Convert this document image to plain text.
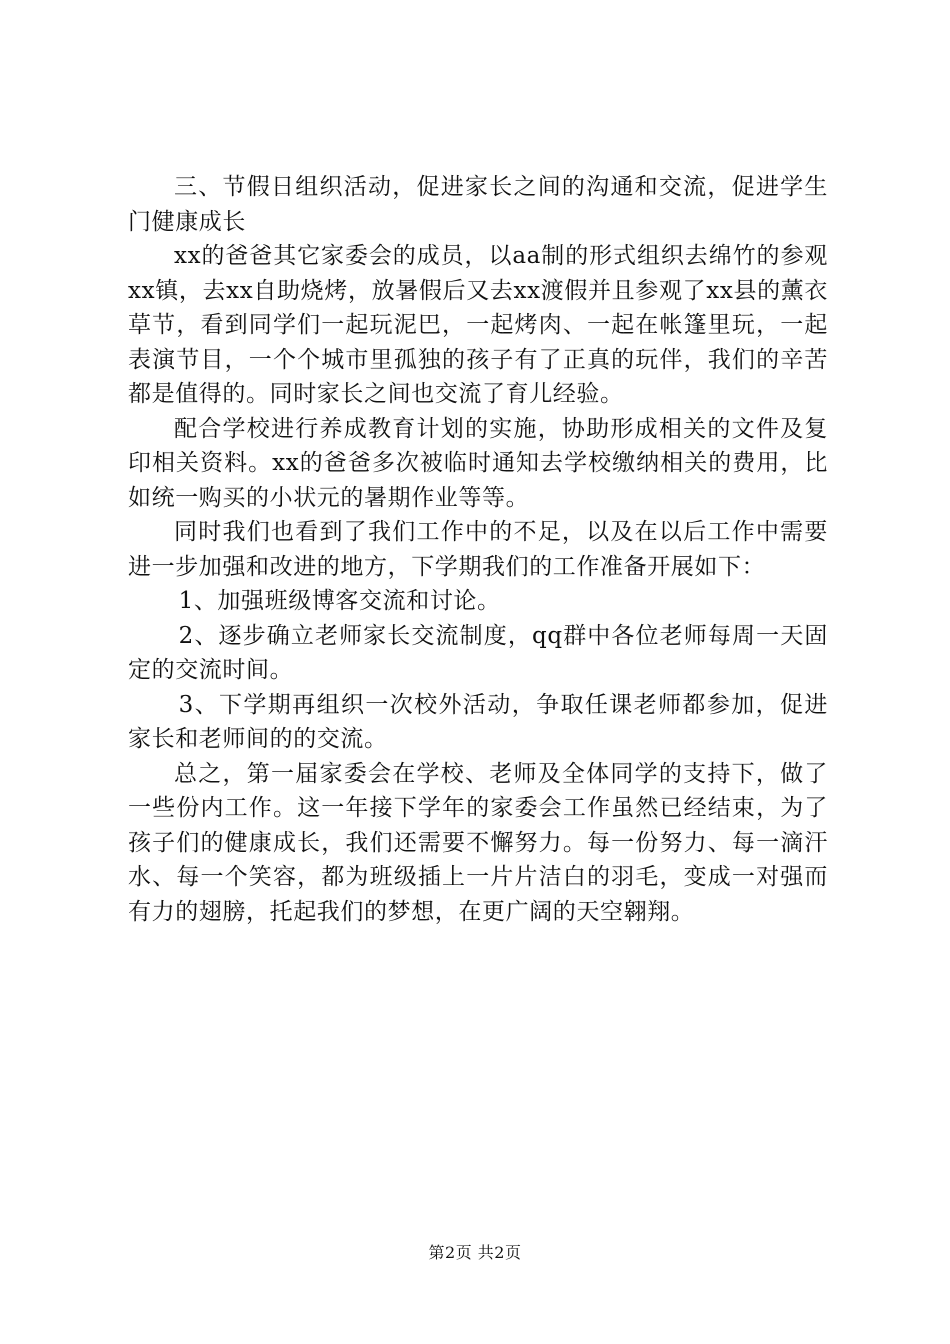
三、节假日组织活动，促进家长之间的沟通和交流，促进学生门健康成长

xx的爸爸其它家委会的成员，以aa制的形式组织去绵竹的参观xx镇，去xx自助烧烤，放暑假后又去xx渡假并且参观了xx县的薰衣草节，看到同学们一起玩泥巴，一起烤肉、一起在帐篷里玩，一起表演节目，一个个城市里孤独的孩子有了正真的玩伴，我们的辛苦都是值得的。同时家长之间也交流了育儿经验。

配合学校进行养成教育计划的实施，协助形成相关的文件及复印相关资料。xx的爸爸多次被临时通知去学校缴纳相关的费用，比如统一购买的小状元的暑期作业等等。

同时我们也看到了我们工作中的不足，以及在以后工作中需要进一步加强和改进的地方，下学期我们的工作准备开展如下：

1、加强班级博客交流和讨论。

2、逐步确立老师家长交流制度，qq群中各位老师每周一天固定的交流时间。

3、下学期再组织一次校外活动，争取任课老师都参加，促进家长和老师间的的交流。

总之，第一届家委会在学校、老师及全体同学的支持下，做了一些份内工作。这一年接下学年的家委会工作虽然已经结束，为了孩子们的健康成长，我们还需要不懈努力。每一份努力、每一滴汗水、每一个笑容，都为班级插上一片片洁白的羽毛，变成一对强而有力的翅膀，托起我们的梦想，在更广阔的天空翱翔。

第2页 共2页
